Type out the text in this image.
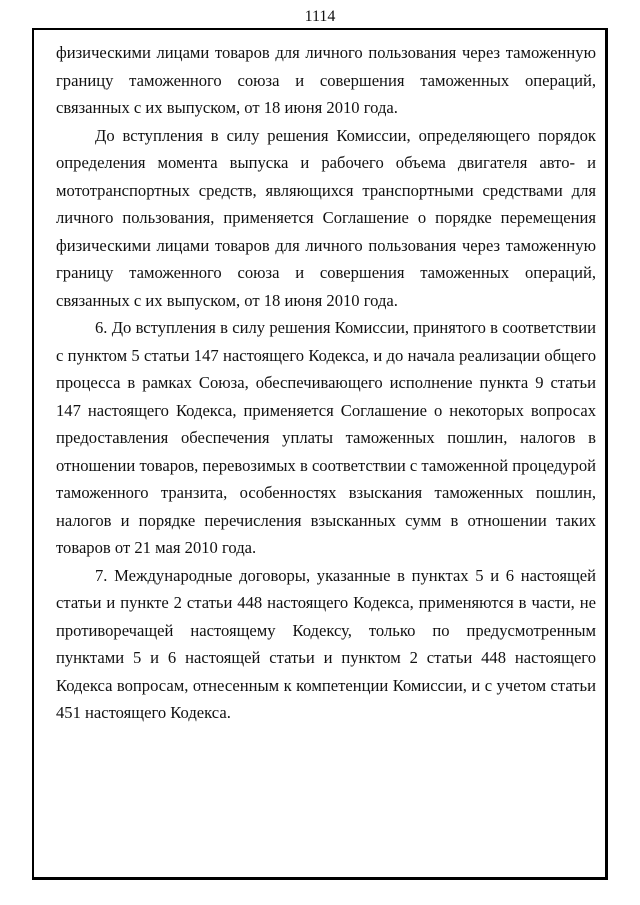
1114

физическими лицами товаров для личного пользования через таможенную границу таможенного союза и совершения таможенных операций, связанных с их выпуском, от 18 июня 2010 года.

До вступления в силу решения Комиссии, определяющего порядок определения момента выпуска и рабочего объема двигателя авто- и мототранспортных средств, являющихся транспортными средствами для личного пользования, применяется Соглашение о порядке перемещения физическими лицами товаров для личного пользования через таможенную границу таможенного союза и совершения таможенных операций, связанных с их выпуском, от 18 июня 2010 года.

6. До вступления в силу решения Комиссии, принятого в соответствии с пунктом 5 статьи 147 настоящего Кодекса, и до начала реализации общего процесса в рамках Союза, обеспечивающего исполнение пункта 9 статьи 147 настоящего Кодекса, применяется Соглашение о некоторых вопросах предоставления обеспечения уплаты таможенных пошлин, налогов в отношении товаров, перевозимых в соответствии с таможенной процедурой таможенного транзита, особенностях взыскания таможенных пошлин, налогов и порядке перечисления взысканных сумм в отношении таких товаров от 21 мая 2010 года.

7. Международные договоры, указанные в пунктах 5 и 6 настоящей статьи и пункте 2 статьи 448 настоящего Кодекса, применяются в части, не противоречащей настоящему Кодексу, только по предусмотренным пунктами 5 и 6 настоящей статьи и пунктом 2 статьи 448 настоящего Кодекса вопросам, отнесенным к компетенции Комиссии, и с учетом статьи 451 настоящего Кодекса.
